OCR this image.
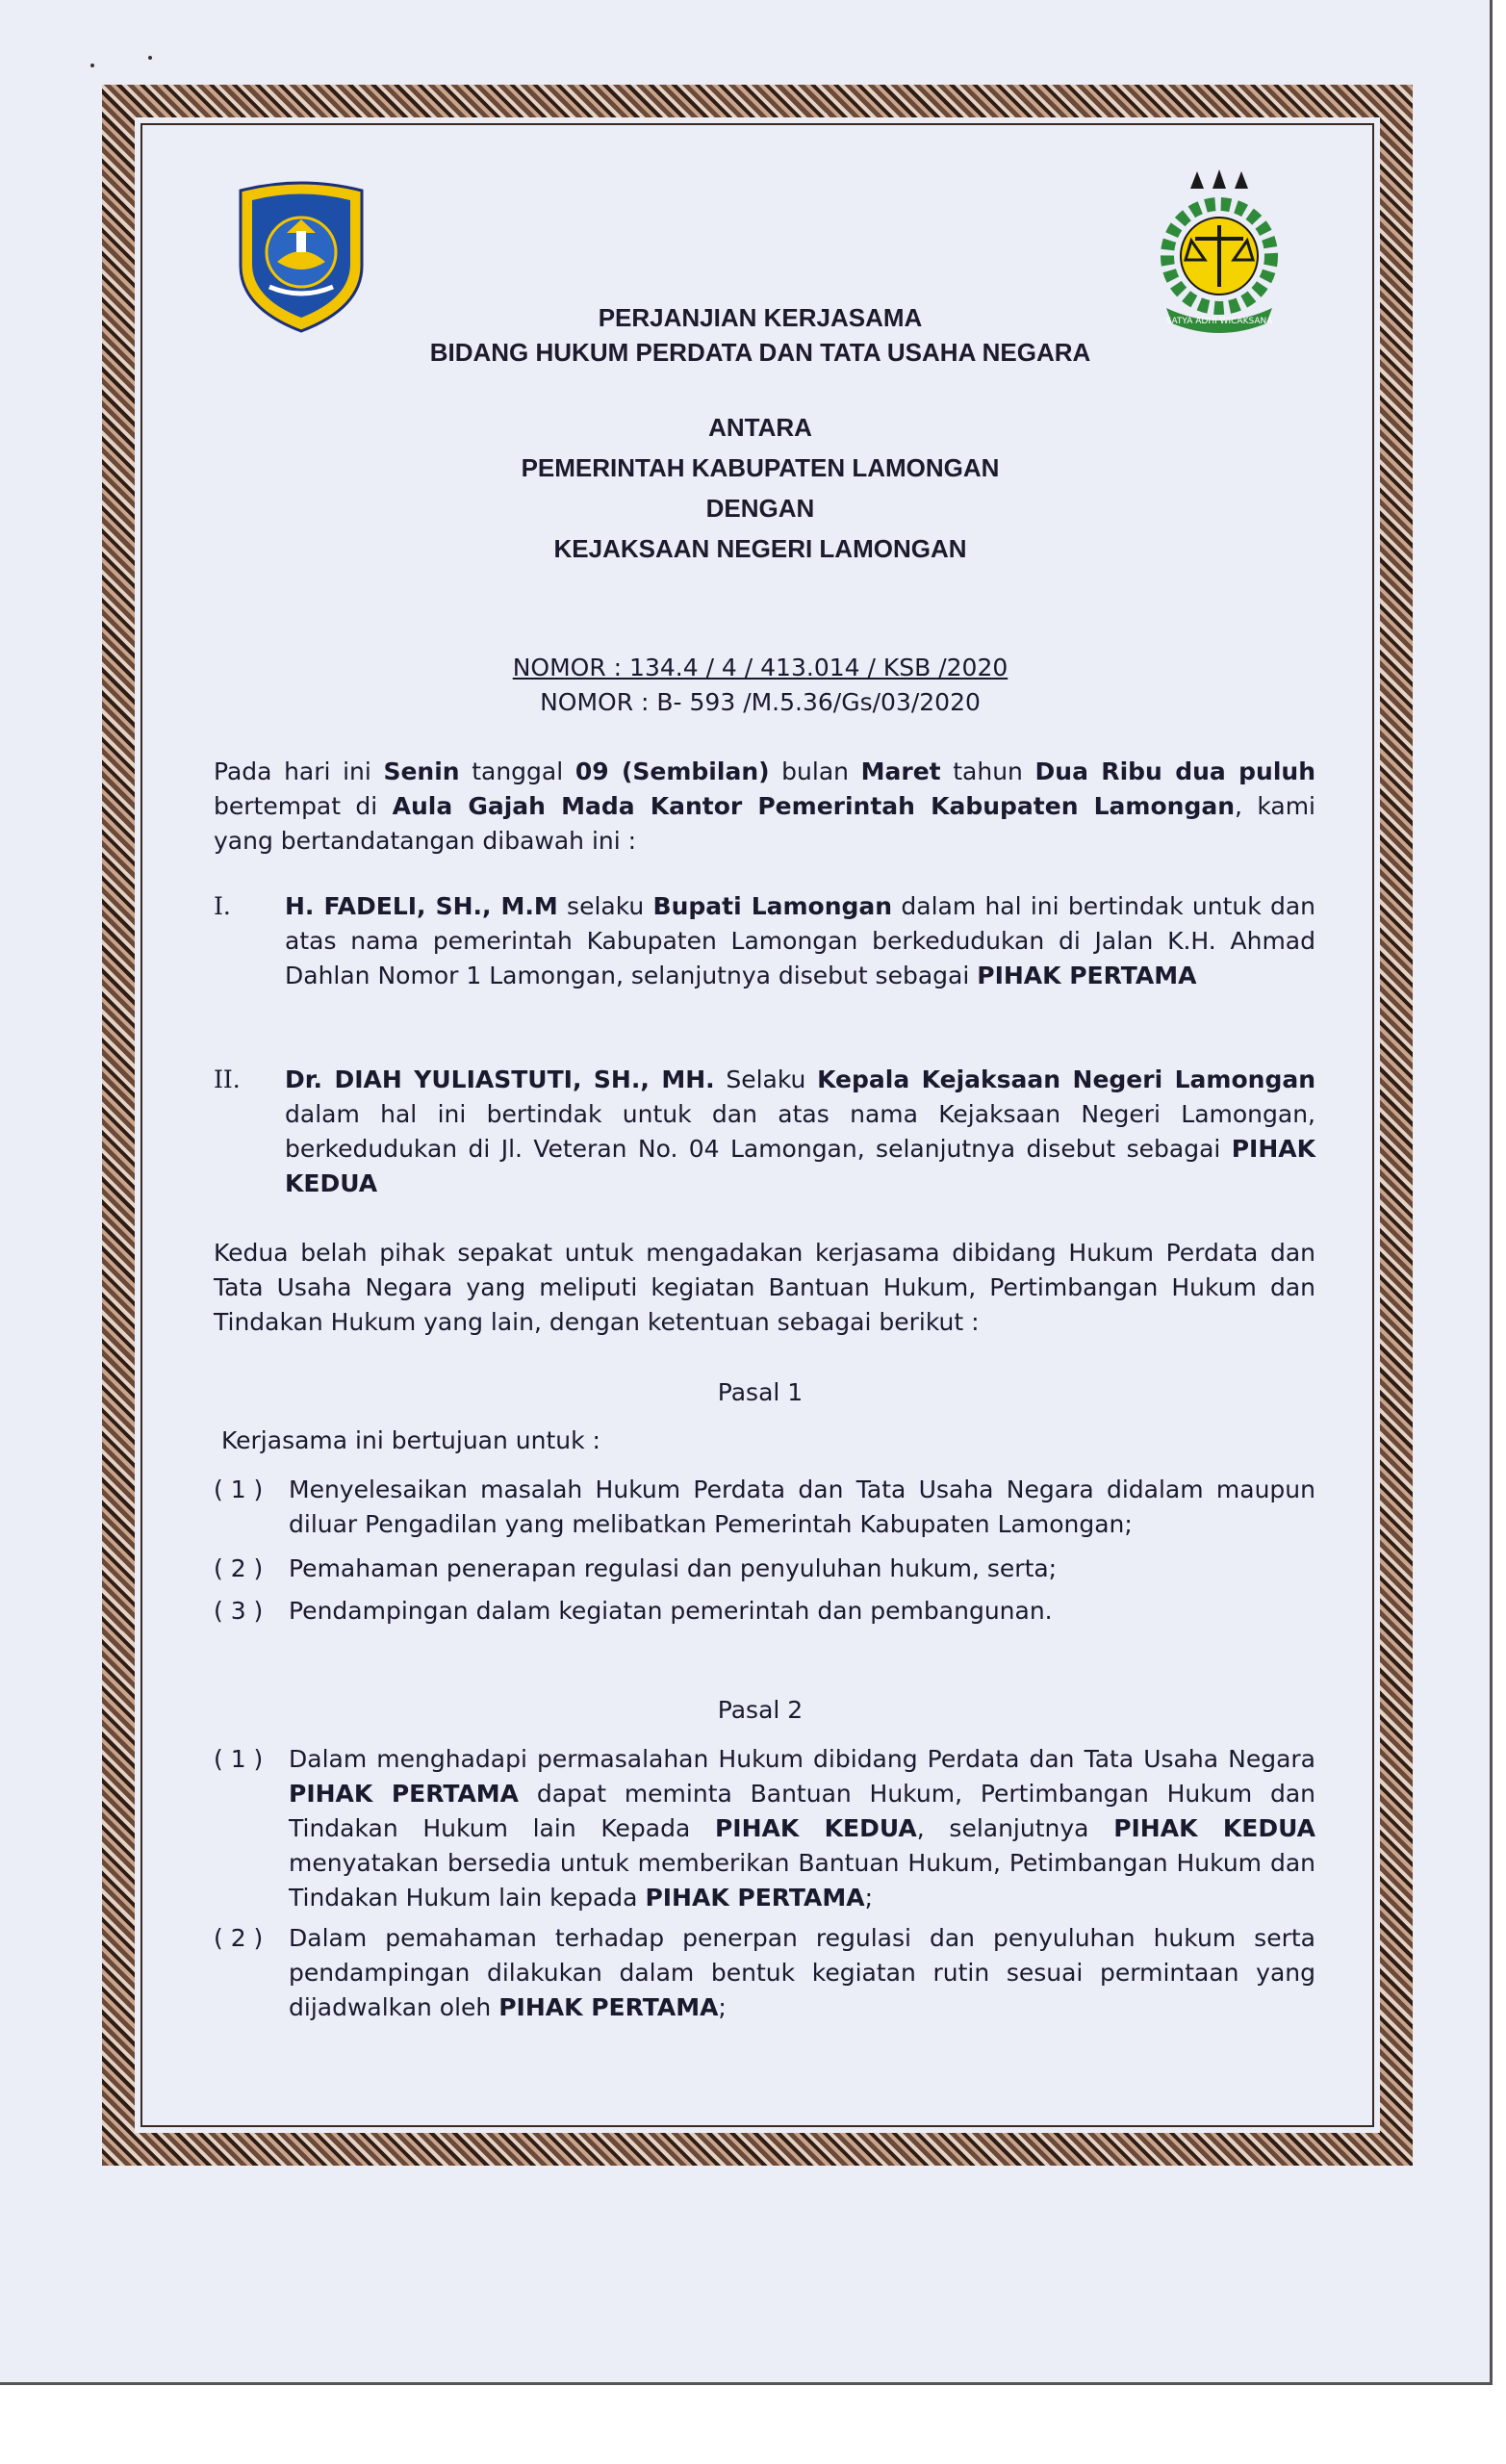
SATYA ADHI WICAKSANA
PERJANJIAN KERJASAMA
BIDANG HUKUM PERDATA DAN TATA USAHA NEGARA
ANTARA
PEMERINTAH KABUPATEN LAMONGAN
DENGAN
KEJAKSAAN NEGERI LAMONGAN
NOMOR : 134.4 / 4 / 413.014 / KSB /2020
NOMOR : B- 593 /M.5.36/Gs/03/2020
Pada hari ini Senin tanggal 09 (Sembilan) bulan Maret tahun Dua Ribu dua puluh bertempat di Aula Gajah Mada Kantor Pemerintah Kabupaten Lamongan, kami yang bertandatangan dibawah ini :
I.	H. FADELI, SH., M.M selaku Bupati Lamongan dalam hal ini bertindak untuk dan atas nama pemerintah Kabupaten Lamongan berkedudukan di Jalan K.H. Ahmad Dahlan Nomor 1 Lamongan, selanjutnya disebut sebagai PIHAK PERTAMA
II.	Dr. DIAH YULIASTUTI, SH., MH. Selaku Kepala Kejaksaan Negeri Lamongan dalam hal ini bertindak untuk dan atas nama Kejaksaan Negeri Lamongan, berkedudukan di Jl. Veteran No. 04 Lamongan, selanjutnya disebut sebagai PIHAK KEDUA
Kedua belah pihak sepakat untuk mengadakan kerjasama dibidang Hukum Perdata dan Tata Usaha Negara yang meliputi kegiatan Bantuan Hukum, Pertimbangan Hukum dan Tindakan Hukum yang lain, dengan ketentuan sebagai berikut :
Pasal 1
Kerjasama ini bertujuan untuk :
( 1 )	Menyelesaikan masalah Hukum Perdata dan Tata Usaha Negara didalam maupun diluar Pengadilan yang melibatkan Pemerintah Kabupaten Lamongan;
( 2 )	Pemahaman penerapan regulasi dan penyuluhan hukum, serta;
( 3 )	Pendampingan dalam kegiatan pemerintah dan pembangunan.
Pasal 2
( 1 )	Dalam menghadapi permasalahan Hukum dibidang Perdata dan Tata Usaha Negara PIHAK PERTAMA dapat meminta Bantuan Hukum, Pertimbangan Hukum dan Tindakan Hukum lain Kepada PIHAK KEDUA, selanjutnya PIHAK KEDUA menyatakan bersedia untuk memberikan Bantuan Hukum, Petimbangan Hukum dan Tindakan Hukum lain kepada PIHAK PERTAMA;
( 2 )	Dalam pemahaman terhadap penerpan regulasi dan penyuluhan hukum serta pendampingan dilakukan dalam bentuk kegiatan rutin sesuai permintaan yang dijadwalkan oleh PIHAK PERTAMA;
